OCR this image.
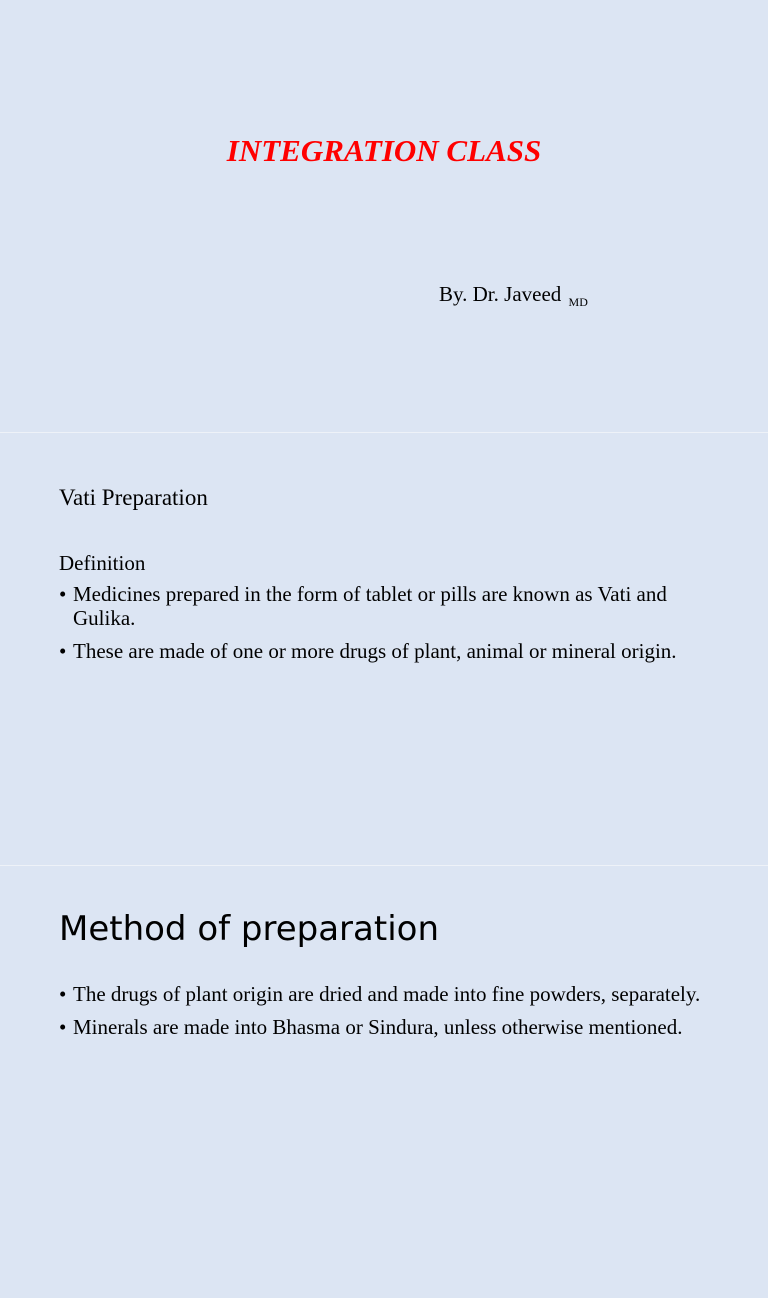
INTEGRATION CLASS
By. Dr. Javeed $_{MD}$
Vati Preparation
Definition
• Medicines prepared in the form of tablet or pills are known as Vati and Gulika.
• These are made of one or more drugs of plant, animal or mineral origin.
Method of preparation
• The drugs of plant origin are dried and made into fine powders, separately.
• Minerals are made into Bhasma or Sindura, unless otherwise mentioned.
